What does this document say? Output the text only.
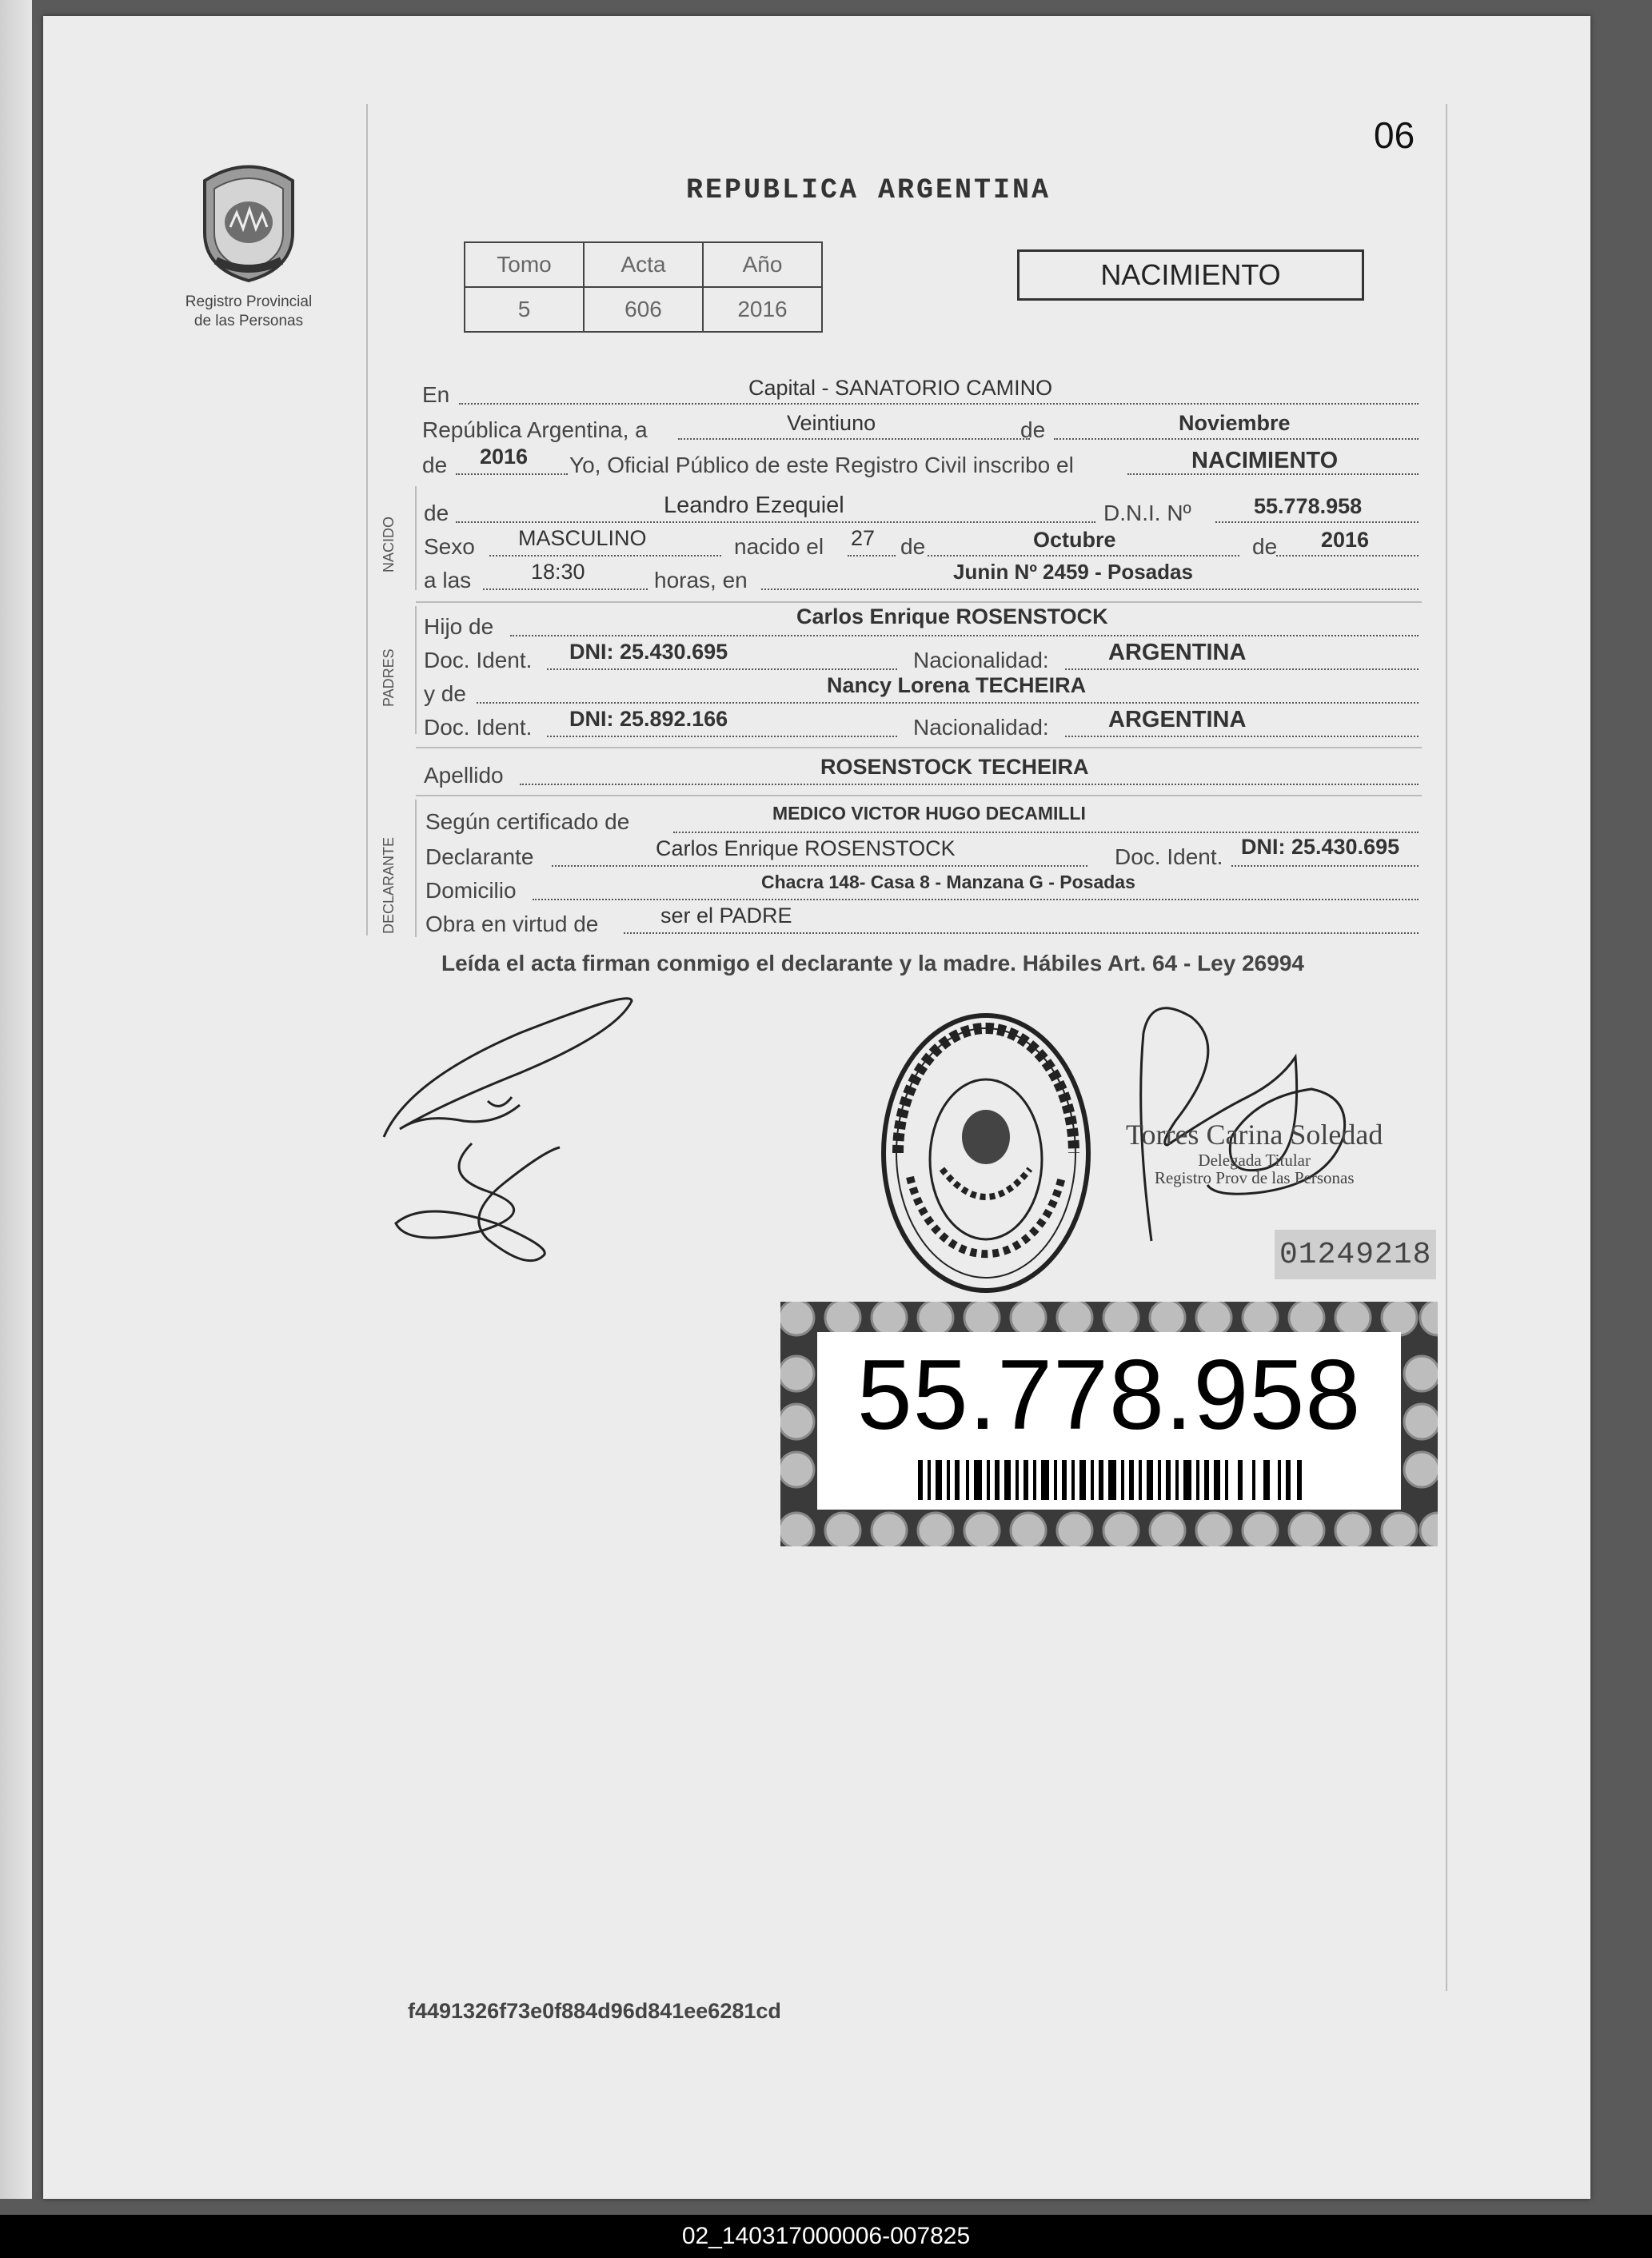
06
Registro Provincial
de las Personas
REPUBLICA ARGENTINA
Tomo	Acta	Año
5	606	2016
NACIMIENTO
En	Capital - SANATORIO CAMINO
República Argentina, a	Veintiuno	de	Noviembre
de 2016 Yo, Oficial Público de este Registro Civil inscribo el	NACIMIENTO
NACIDO
de	Leandro Ezequiel	D.N.I. Nº	55.778.958
Sexo MASCULINO	nacido el 27 de	Octubre	de 2016
a las	18:30	horas, en	Junin Nº 2459 - Posadas
PADRES
Hijo de	Carlos Enrique ROSENSTOCK
Doc. Ident. DNI: 25.430.695	Nacionalidad:	ARGENTINA
y de	Nancy Lorena TECHEIRA
Doc. Ident. DNI: 25.892.166	Nacionalidad:	ARGENTINA
Apellido	ROSENSTOCK TECHEIRA
DECLARANTE
Según certificado de	MEDICO VICTOR HUGO DECAMILLI
Declarante	Carlos Enrique ROSENSTOCK	Doc. Ident. DNI: 25.430.695
Domicilio	Chacra 148- Casa 8 - Manzana G - Posadas
Obra en virtud de	ser el PADRE
Leída el acta firman conmigo el declarante y la madre. Hábiles Art. 64 - Ley 26994
Torres Carina Soledad
Delegada Titular
Registro Prov de las Personas
01249218
55.778.958
f4491326f73e0f884d96d841ee6281cd
02_140317000006-007825
